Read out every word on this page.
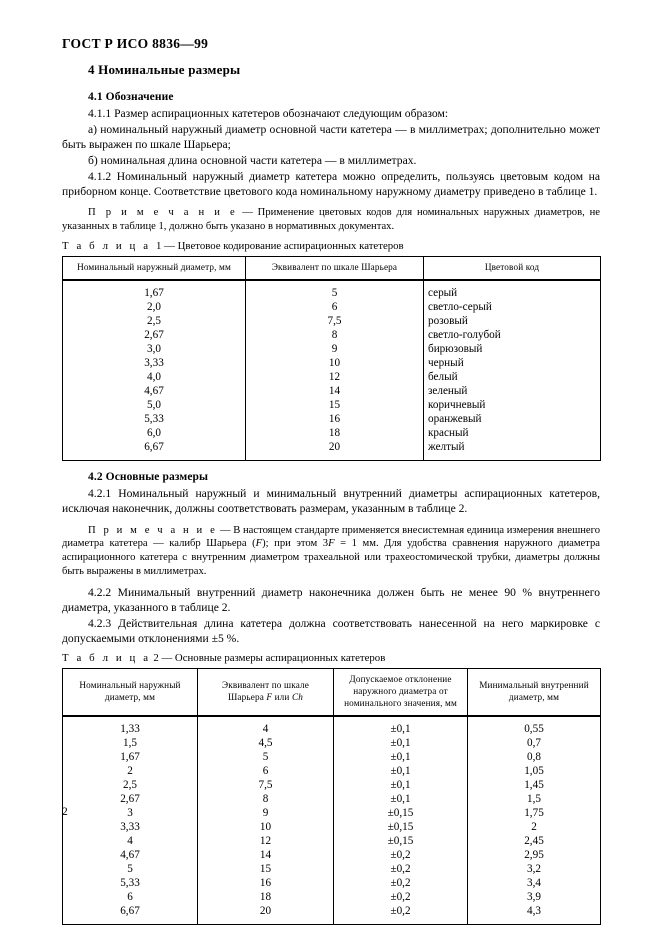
ГОСТ Р ИСО 8836—99
4 Номинальные размеры
4.1 Обозначение

4.1.1 Размер аспирационных катетеров обозначают следующим образом:

а) номинальный наружный диаметр основной части катетера — в миллиметрах; дополнительно может быть выражен по шкале Шарьера;

б) номинальная длина основной части катетера — в миллиметрах.

4.1.2 Номинальный наружный диаметр катетера можно определить, пользуясь цветовым кодом на приборном конце. Соответствие цветового кода номинальному наружному диаметру приведено в таблице 1.

П р и м е ч а н и е — Применение цветовых кодов для номинальных наружных диаметров, не указанных в таблице 1, должно быть указано в нормативных документах.

Т а б л и ц а 1 — Цветовое кодирование аспирационных катетеров

Номинальный наружный диаметр, мм	Эквивалент по шкале Шарьера	Цветовой код
1,67	5	серый
2,0	6	светло-серый
2,5	7,5	розовый
2,67	8	светло-голубой
3,0	9	бирюзовый
3,33	10	черный
4,0	12	белый
4,67	14	зеленый
5,0	15	коричневый
5,33	16	оранжевый
6,0	18	красный
6,67	20	желтый
4.2 Основные размеры

4.2.1 Номинальный наружный и минимальный внутренний диаметры аспирационных катетеров, исключая наконечник, должны соответствовать размерам, указанным в таблице 2.

П р и м е ч а н и е — В настоящем стандарте применяется внесистемная единица измерения внешнего диаметра катетера — калибр Шарьера (F); при этом 3F = 1 мм. Для удобства сравнения наружного диаметра аспирационного катетера с внутренним диаметром трахеальной или трахеостомической трубки, диаметры должны быть выражены в миллиметрах.

4.2.2 Минимальный внутренний диаметр наконечника должен быть не менее 90 % внутреннего диаметра, указанного в таблице 2.

4.2.3 Действительная длина катетера должна соответствовать нанесенной на него маркировке с допускаемыми отклонениями ±5 %.

Т а б л и ц а 2 — Основные размеры аспирационных катетеров

Номинальный наружный
диаметр, мм	Эквивалент по шкале
Шарьера F или Ch	Допускаемое отклонение
наружного диаметра от
номинального значения, мм	Минимальный внутренний
диаметр, мм
1,33	4	±0,1	0,55
1,5	4,5	±0,1	0,7
1,67	5	±0,1	0,8
2	6	±0,1	1,05
2,5	7,5	±0,1	1,45
2,67	8	±0,1	1,5
3	9	±0,15	1,75
3,33	10	±0,15	2
4	12	±0,15	2,45
4,67	14	±0,2	2,95
5	15	±0,2	3,2
5,33	16	±0,2	3,4
6	18	±0,2	3,9
6,67	20	±0,2	4,3
2
